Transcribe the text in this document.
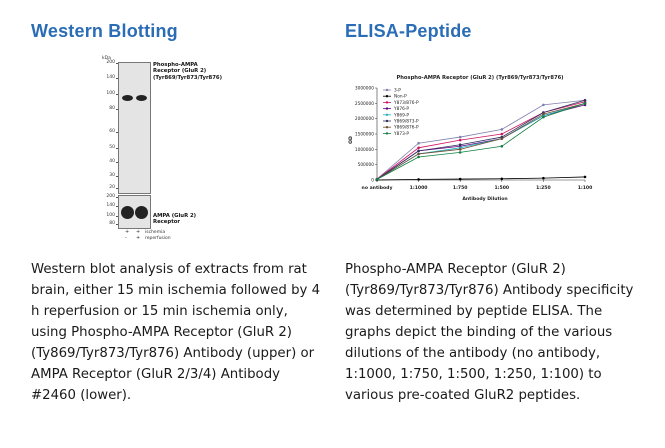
Western Blotting	ELISA-Peptide
kDa
200
140
100
80
60
50
40
30
20
200
140
100
80
Phospho-AMPA Receptor (GluR 2) (Tyr869/Tyr873/Tyr876)
AMPA (GluR 2) Receptor
+ + ischemia
- + reperfusion
Phospho-AMPA Receptor (GluR 2) (Tyr869/Tyr873/Tyr876)
0
500000
1000000
1500000
2000000
2500000
3000000
no antibody	1:1000	1:750	1:500	1:250	1:100
3-P
Non-P
Y873/876-P
Y876-P
Y869-P
Y869/873-P
Y869/876-P
Y873-P
Antibody Dilution
OD

Western blot analysis of extracts from rat brain, either 15 min ischemia followed by 4 h reperfusion or 15 min ischemia only, using Phospho-AMPA Receptor (GluR 2) (Ty869/Tyr873/Tyr876) Antibody (upper) or AMPA Receptor (GluR 2/3/4) Antibody #2460 (lower).

Phospho-AMPA Receptor (GluR 2) (Tyr869/Tyr873/Tyr876) Antibody specificity was determined by peptide ELISA. The graphs depict the binding of the various dilutions of the antibody (no antibody, 1:1000, 1:750, 1:500, 1:250, 1:100) to various pre-coated GluR2 peptides.
